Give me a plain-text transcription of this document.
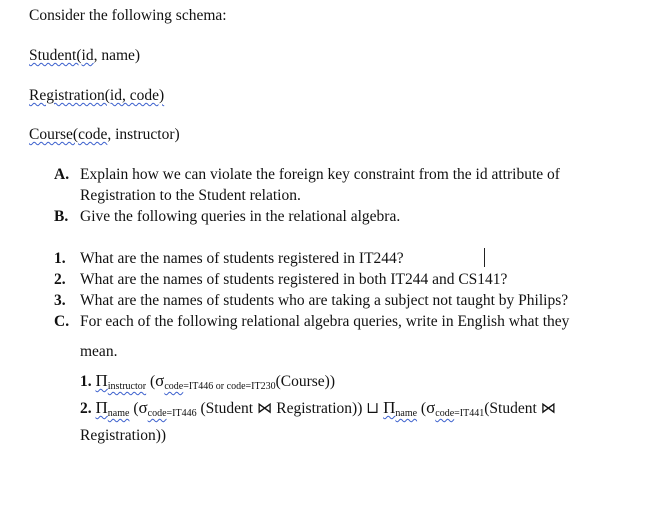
Consider the following schema:
Student(id, name)
Registration(id, code)
Course(code, instructor)
A. Explain how we can violate the foreign key constraint from the id attribute of
Registration to the Student relation.
B. Give the following queries in the relational algebra.
1. What are the names of students registered in IT244?
2. What are the names of students registered in both IT244 and CS141?
3. What are the names of students who are taking a subject not taught by Philips?
C. For each of the following relational algebra queries, write in English what they
mean.
1. $\Pi_{instructor}$ $(\sigma_{code=IT446 or code=IT230}(Course))$
2. $\Pi_{name}$ ($\sigma_{code=IT446}$ (Student ⋈ Registration)) ⊔ $\Pi_{name}$ ($\sigma_{code=IT441}(Student$ ⋈
Registration))
